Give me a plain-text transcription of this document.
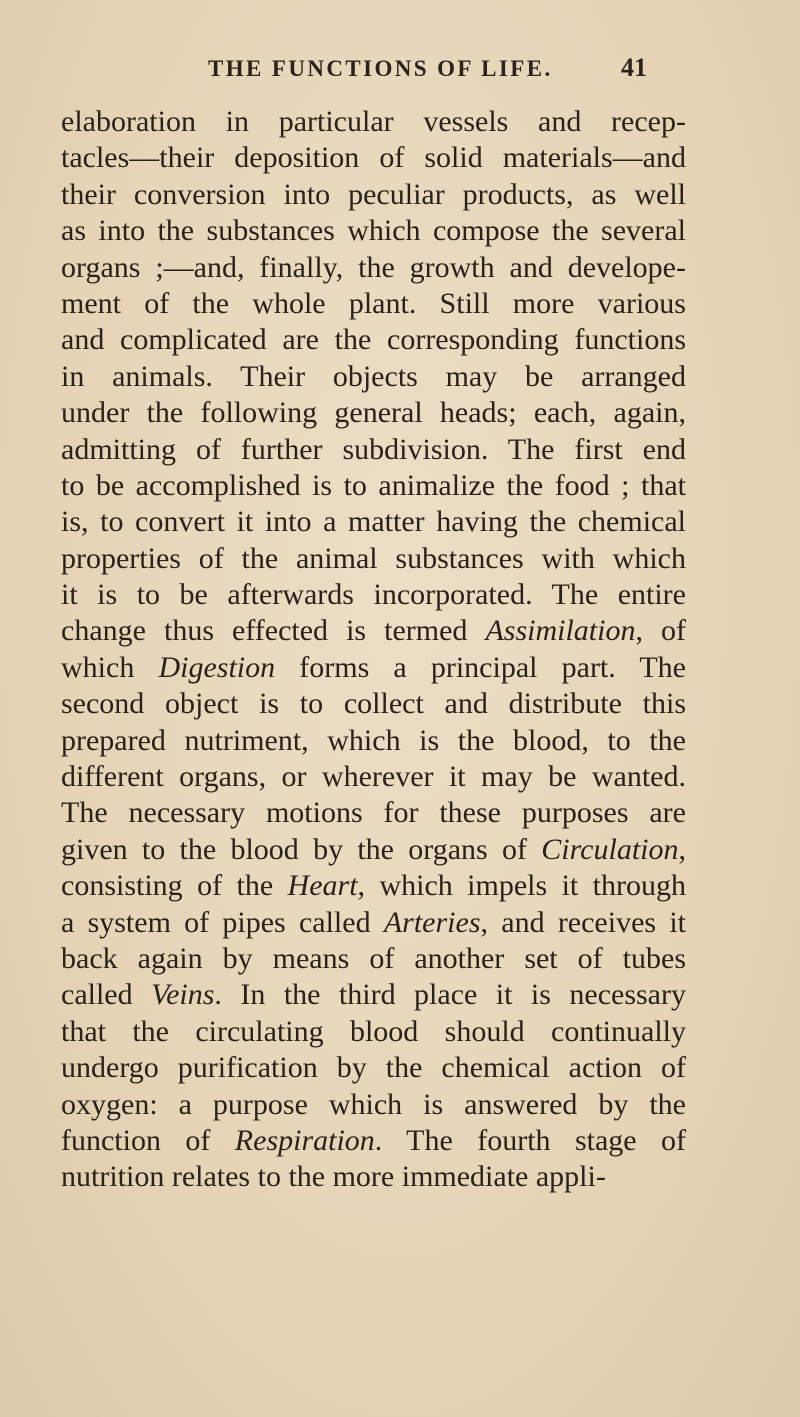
THE FUNCTIONS OF LIFE.	41
elaboration in particular vessels and recep-
tacles—their deposition of solid materials—and
their conversion into peculiar products, as well
as into the substances which compose the several
organs ;—and, finally, the growth and develope-
ment of the whole plant. Still more various
and complicated are the corresponding functions
in animals. Their objects may be arranged
under the following general heads; each, again,
admitting of further subdivision. The first end
to be accomplished is to animalize the food ; that
is, to convert it into a matter having the chemical
properties of the animal substances with which
it is to be afterwards incorporated. The entire
change thus effected is termed Assimilation, of
which Digestion forms a principal part. The
second object is to collect and distribute this
prepared nutriment, which is the blood, to the
different organs, or wherever it may be wanted.
The necessary motions for these purposes are
given to the blood by the organs of Circulation,
consisting of the Heart, which impels it through
a system of pipes called Arteries, and receives it
back again by means of another set of tubes
called Veins. In the third place it is necessary
that the circulating blood should continually
undergo purification by the chemical action of
oxygen: a purpose which is answered by the
function of Respiration. The fourth stage of
nutrition relates to the more immediate appli-
